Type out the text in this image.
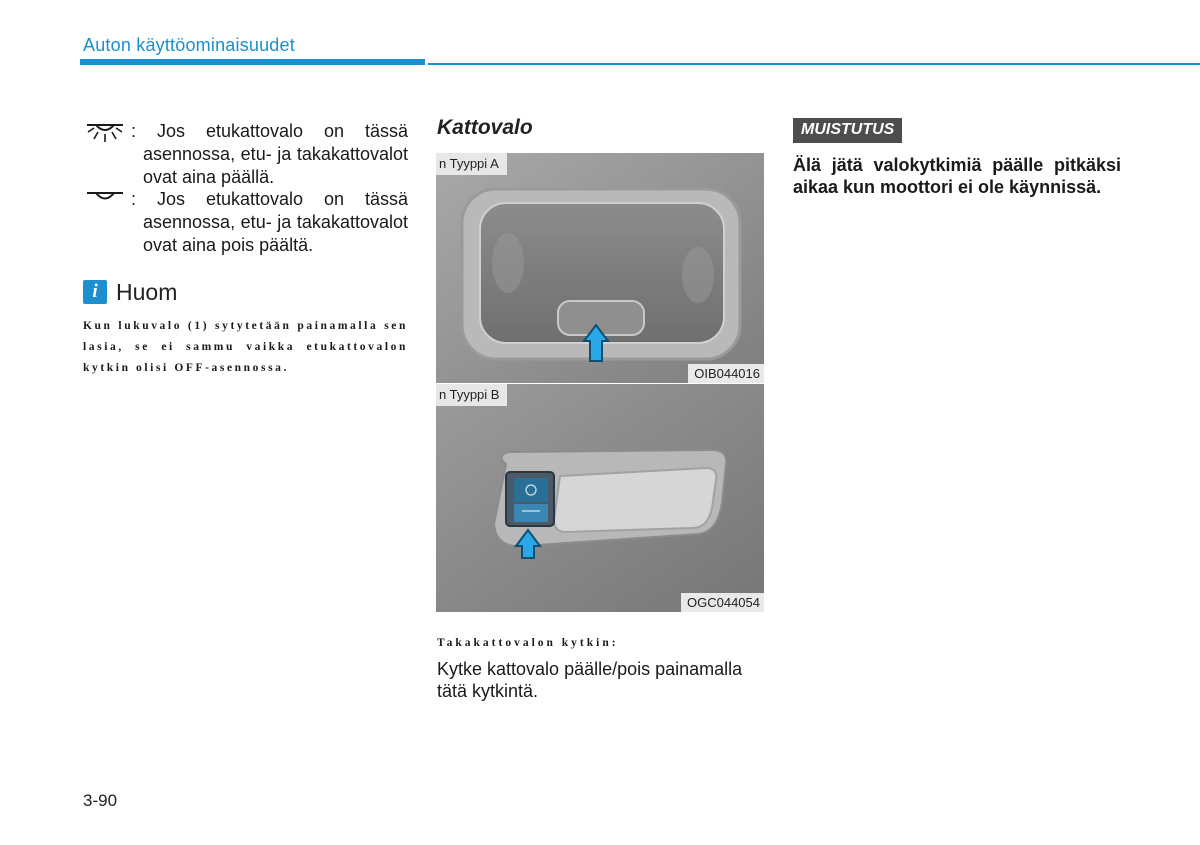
Auton käyttöominaisuudet
: Jos etukattovalo on tässä asennossa, etu- ja takakattovalot ovat aina päällä.
: Jos etukattovalo on tässä asennossa, etu- ja takakattovalot ovat aina pois päältä.
i Huom
Kun lukuvalo (1) sytytetään painamalla sen lasia, se ei sammu vaikka etukattovalon kytkin olisi OFF-asennossa.
Kattovalo
n Tyyppi A
OIB044016
n Tyyppi B
OGC044054
Takakattovalon kytkin:
Kytke kattovalo päälle/pois painamalla tätä kytkintä.
MUISTUTUS
Älä jätä valokytkimiä päälle pitkäksi aikaa kun moottori ei ole käynnissä.
3-90
